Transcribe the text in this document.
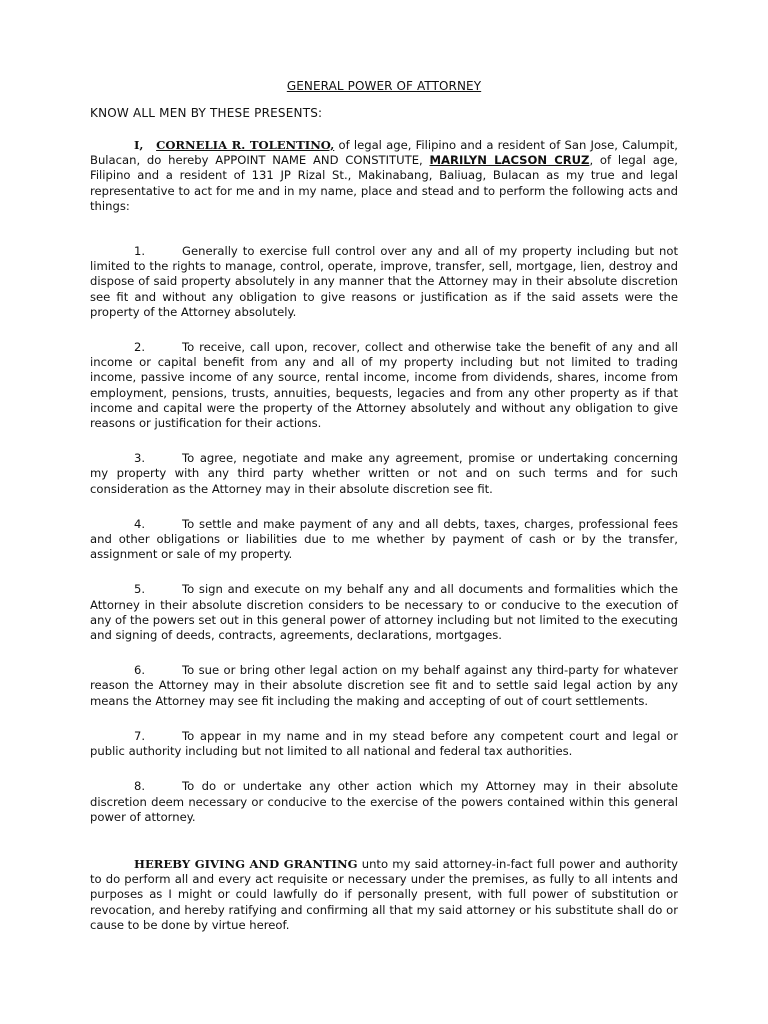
GENERAL POWER OF ATTORNEY
KNOW ALL MEN BY THESE PRESENTS:

I, CORNELIA R. TOLENTINO, of legal age, Filipino and a resident of San Jose, Calumpit, Bulacan, do hereby APPOINT NAME AND CONSTITUTE, MARILYN LACSON CRUZ, of legal age, Filipino and a resident of 131 JP Rizal St., Makinabang, Baliuag, Bulacan as my true and legal representative to act for me and in my name, place and stead and to perform the following acts and things:

1.	Generally to exercise full control over any and all of my property including but not limited to the rights to manage, control, operate, improve, transfer, sell, mortgage, lien, destroy and dispose of said property absolutely in any manner that the Attorney may in their absolute discretion see fit and without any obligation to give reasons or justification as if the said assets were the property of the Attorney absolutely.

2.	To receive, call upon, recover, collect and otherwise take the benefit of any and all income or capital benefit from any and all of my property including but not limited to trading income, passive income of any source, rental income, income from dividends, shares, income from employment, pensions, trusts, annuities, bequests, legacies and from any other property as if that income and capital were the property of the Attorney absolutely and without any obligation to give reasons or justification for their actions.

3.	To agree, negotiate and make any agreement, promise or undertaking concerning my property with any third party whether written or not and on such terms and for such consideration as the Attorney may in their absolute discretion see fit.

4.	To settle and make payment of any and all debts, taxes, charges, professional fees and other obligations or liabilities due to me whether by payment of cash or by the transfer, assignment or sale of my property.

5.	To sign and execute on my behalf any and all documents and formalities which the Attorney in their absolute discretion considers to be necessary to or conducive to the execution of any of the powers set out in this general power of attorney including but not limited to the executing and signing of deeds, contracts, agreements, declarations, mortgages.

6.	To sue or bring other legal action on my behalf against any third-party for whatever reason the Attorney may in their absolute discretion see fit and to settle said legal action by any means the Attorney may see fit including the making and accepting of out of court settlements.

7.	To appear in my name and in my stead before any competent court and legal or public authority including but not limited to all national and federal tax authorities.

8.	To do or undertake any other action which my Attorney may in their absolute discretion deem necessary or conducive to the exercise of the powers contained within this general power of attorney.

HEREBY GIVING AND GRANTING unto my said attorney-in-fact full power and authority to do perform all and every act requisite or necessary under the premises, as fully to all intents and purposes as I might or could lawfully do if personally present, with full power of substitution or revocation, and hereby ratifying and confirming all that my said attorney or his substitute shall do or cause to be done by virtue hereof.
